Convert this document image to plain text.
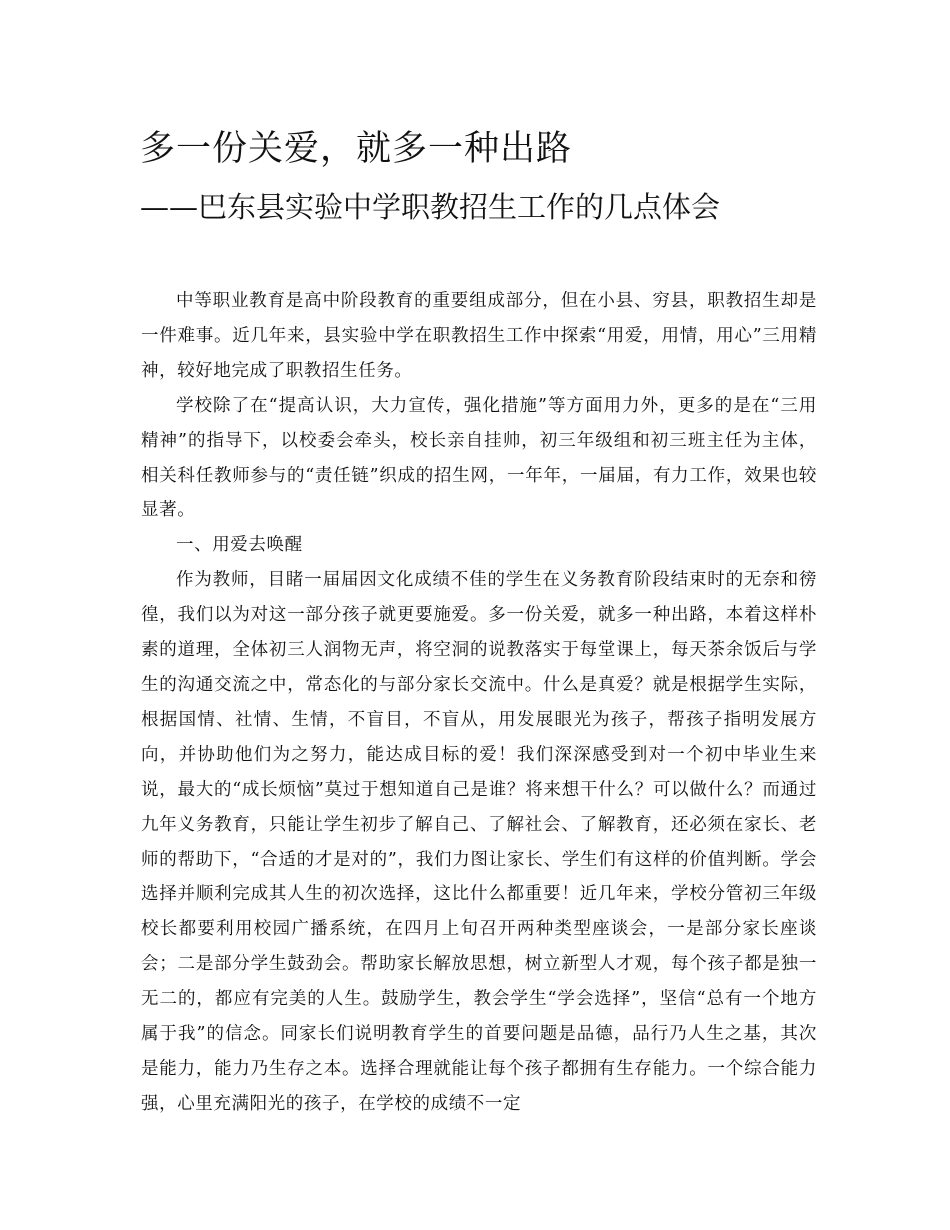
多一份关爱，就多一种出路
——巴东县实验中学职教招生工作的几点体会

中等职业教育是高中阶段教育的重要组成部分，但在小县、穷县，职教招生却是一件难事。近几年来，县实验中学在职教招生工作中探索“用爱，用情，用心”三用精神，较好地完成了职教招生任务。

学校除了在“提高认识，大力宣传，强化措施”等方面用力外，更多的是在“三用精神”的指导下，以校委会牵头，校长亲自挂帅，初三年级组和初三班主任为主体，相关科任教师参与的“责任链”织成的招生网，一年年，一届届，有力工作，效果也较显著。

一、用爱去唤醒

作为教师，目睹一届届因文化成绩不佳的学生在义务教育阶段结束时的无奈和徬徨，我们以为对这一部分孩子就更要施爱。多一份关爱，就多一种出路，本着这样朴素的道理，全体初三人润物无声，将空洞的说教落实于每堂课上，每天茶余饭后与学生的沟通交流之中，常态化的与部分家长交流中。什么是真爱？就是根据学生实际，根据国情、社情、生情，不盲目，不盲从，用发展眼光为孩子，帮孩子指明发展方向，并协助他们为之努力，能达成目标的爱！我们深深感受到对一个初中毕业生来说，最大的“成长烦恼”莫过于想知道自己是谁？将来想干什么？可以做什么？而通过九年义务教育，只能让学生初步了解自己、了解社会、了解教育，还必须在家长、老师的帮助下，“合适的才是对的”，我们力图让家长、学生们有这样的价值判断。学会选择并顺利完成其人生的初次选择，这比什么都重要！近几年来，学校分管初三年级校长都要利用校园广播系统，在四月上旬召开两种类型座谈会，一是部分家长座谈会；二是部分学生鼓劲会。帮助家长解放思想，树立新型人才观，每个孩子都是独一无二的，都应有完美的人生。鼓励学生，教会学生“学会选择”，坚信“总有一个地方属于我”的信念。同家长们说明教育学生的首要问题是品德，品行乃人生之基，其次是能力，能力乃生存之本。选择合理就能让每个孩子都拥有生存能力。一个综合能力强，心里充满阳光的孩子，在学校的成绩不一定
